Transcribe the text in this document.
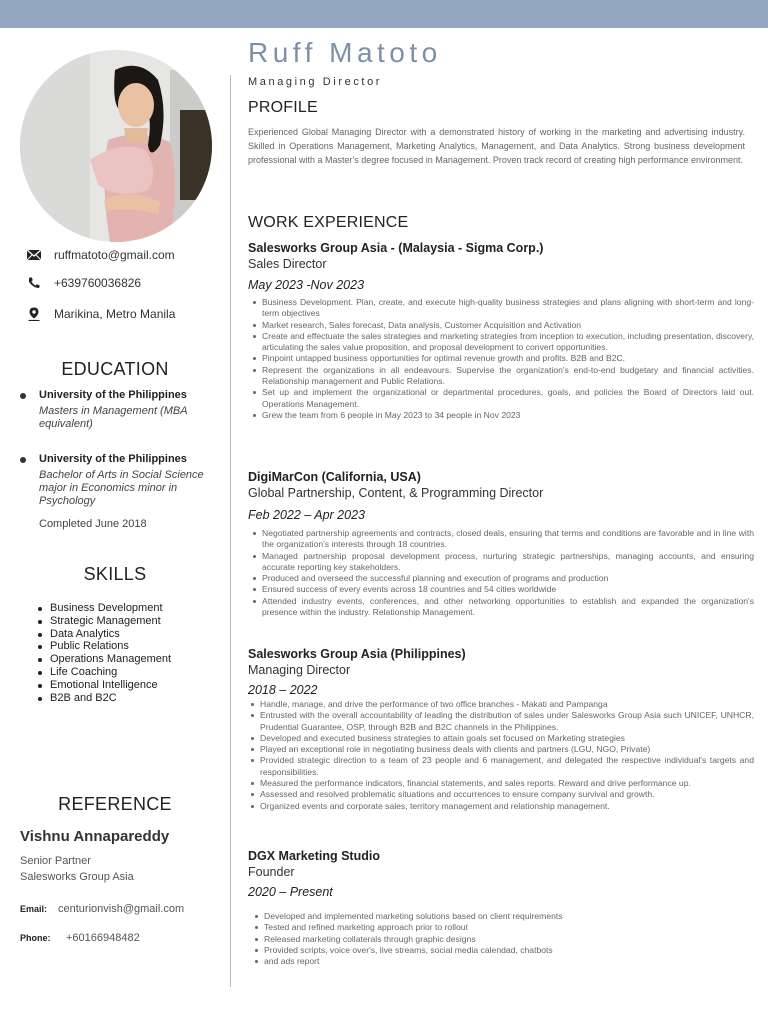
ruffmatoto@gmail.com
+639760036826
Marikina, Metro Manila
EDUCATION
University of the Philippines
Masters in Management (MBA equivalent)
University of the Philippines
Bachelor of Arts in Social Science major in Economics minor in Psychology
Completed June 2018
SKILLS
Business Development
Strategic Management
Data Analytics
Public Relations
Operations Management
Life Coaching
Emotional Intelligence
B2B and B2C
REFERENCE
Vishnu Annapareddy
Senior Partner
Salesworks Group Asia
Email: centurionvish@gmail.com
Phone:	+60166948482
Ruff Matoto
Managing Director
PROFILE
Experienced Global Managing Director with a demonstrated history of working in the marketing and advertising industry. Skilled in Operations Management, Marketing Analytics, Management, and Data Analytics. Strong business development professional with a Master's degree focused in Management. Proven track record of creating high performance environment.
WORK EXPERIENCE
Salesworks Group Asia - (Malaysia - Sigma Corp.)
Sales Director
May 2023 -Nov 2023
Business Development. Plan, create, and execute high-quality business strategies and plans aligning with short-term and long-term objectives
Market research, Sales forecast, Data analysis, Customer Acquisition and Activation
Create and effectuate the sales strategies and marketing strategies from inception to execution, including presentation, discovery, articulating the sales value proposition, and proposal development to convert opportunities.
Pinpoint untapped business opportunities for optimal revenue growth and profits. B2B and B2C.
Represent the organizations in all endeavours. Supervise the organization's end-to-end budgetary and financial activities. Relationship management and Public Relations.
Set up and implement the organizational or departmental procedures, goals, and policies the Board of Directors laid out. Operations Management.
Grew the team from 6 people in May 2023 to 34 people in Nov 2023
DigiMarCon (California, USA)
Global Partnership, Content, & Programming Director
Feb 2022 – Apr 2023
Negotiated partnership agreements and contracts, closed deals, ensuring that terms and conditions are favorable and in line with the organization's interests through 18 countries.
Managed partnership proposal development process, nurturing strategic partnerships, managing accounts, and ensuring accurate reporting key stakeholders.
Produced and overseed the successful planning and execution of programs and production
Ensured success of every events across 18 countries and 54 cities worldwide
Attended industry events, conferences, and other networking opportunities to establish and expanded the organization's presence within the industry. Relationship Management.
Salesworks Group Asia (Philippines)
Managing Director
2018 – 2022
Handle, manage, and drive the performance of two office branches - Makati and Pampanga
Entrusted with the overall accountability of leading the distribution of sales under Salesworks Group Asia such UNICEF, UNHCR, Prudential Guarantee, OSP, through B2B and B2C channels in the Philippines.
Developed and executed business strategies to attain goals set focused on Marketing strategies
Played an exceptional role in negotiating business deals with clients and partners (LGU, NGO, Private)
Provided strategic direction to a team of 23 people and 6 management, and delegated the respective individual's targets and responsibilities.
Measured the performance indicators, financial statements, and sales reports. Reward and drive performance up.
Assessed and resolved problematic situations and occurrences to ensure company survival and growth.
Organized events and corporate sales, territory management and relationship management.
DGX Marketing Studio
Founder
2020 – Present
Developed and implemented marketing solutions based on client requirements
Tested and refined marketing approach prior to rollout
Released marketing collaterals through graphic designs
Provided scripts, voice over's, live streams, social media calendad, chatbots
and ads report
